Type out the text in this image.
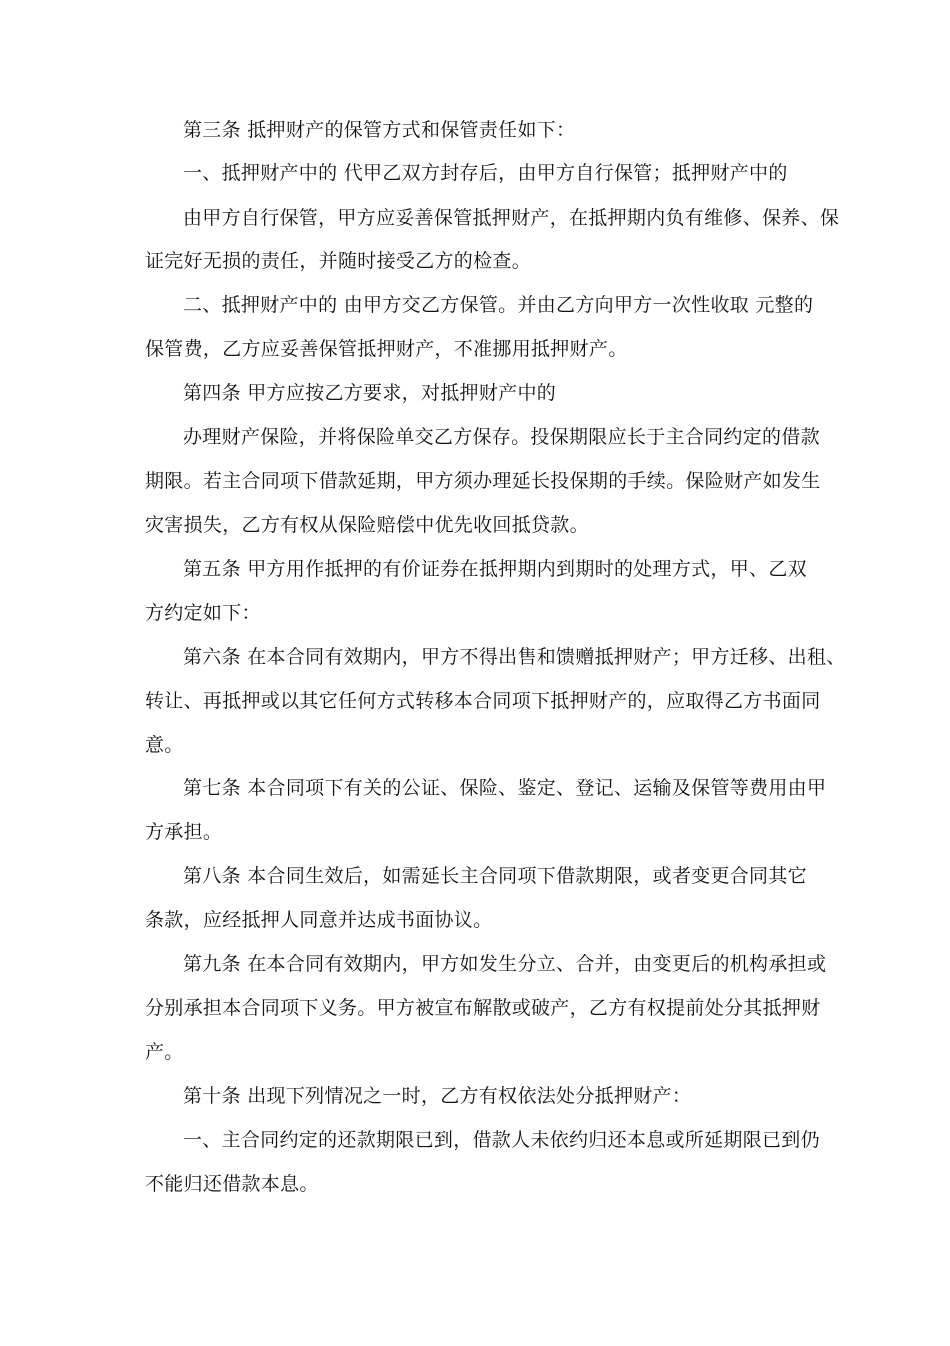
第三条 抵押财产的保管方式和保管责任如下：

一、抵押财产中的 代甲乙双方封存后，由甲方自行保管；抵押财产中的

由甲方自行保管，甲方应妥善保管抵押财产，在抵押期内负有维修、保养、保

证完好无损的责任，并随时接受乙方的检查。

二、抵押财产中的 由甲方交乙方保管。并由乙方向甲方一次性收取 元整的

保管费，乙方应妥善保管抵押财产，不准挪用抵押财产。

第四条 甲方应按乙方要求，对抵押财产中的

办理财产保险，并将保险单交乙方保存。投保期限应长于主合同约定的借款

期限。若主合同项下借款延期，甲方须办理延长投保期的手续。保险财产如发生

灾害损失，乙方有权从保险赔偿中优先收回抵贷款。

第五条 甲方用作抵押的有价证券在抵押期内到期时的处理方式，甲、乙双

方约定如下：

第六条 在本合同有效期内，甲方不得出售和馈赠抵押财产；甲方迁移、出租、

转让、再抵押或以其它任何方式转移本合同项下抵押财产的，应取得乙方书面同

意。

第七条 本合同项下有关的公证、保险、鉴定、登记、运输及保管等费用由甲

方承担。

第八条 本合同生效后，如需延长主合同项下借款期限，或者变更合同其它

条款，应经抵押人同意并达成书面协议。

第九条 在本合同有效期内，甲方如发生分立、合并，由变更后的机构承担或

分别承担本合同项下义务。甲方被宣布解散或破产，乙方有权提前处分其抵押财

产。

第十条 出现下列情况之一时，乙方有权依法处分抵押财产：

一、主合同约定的还款期限已到，借款人未依约归还本息或所延期限已到仍

不能归还借款本息。
